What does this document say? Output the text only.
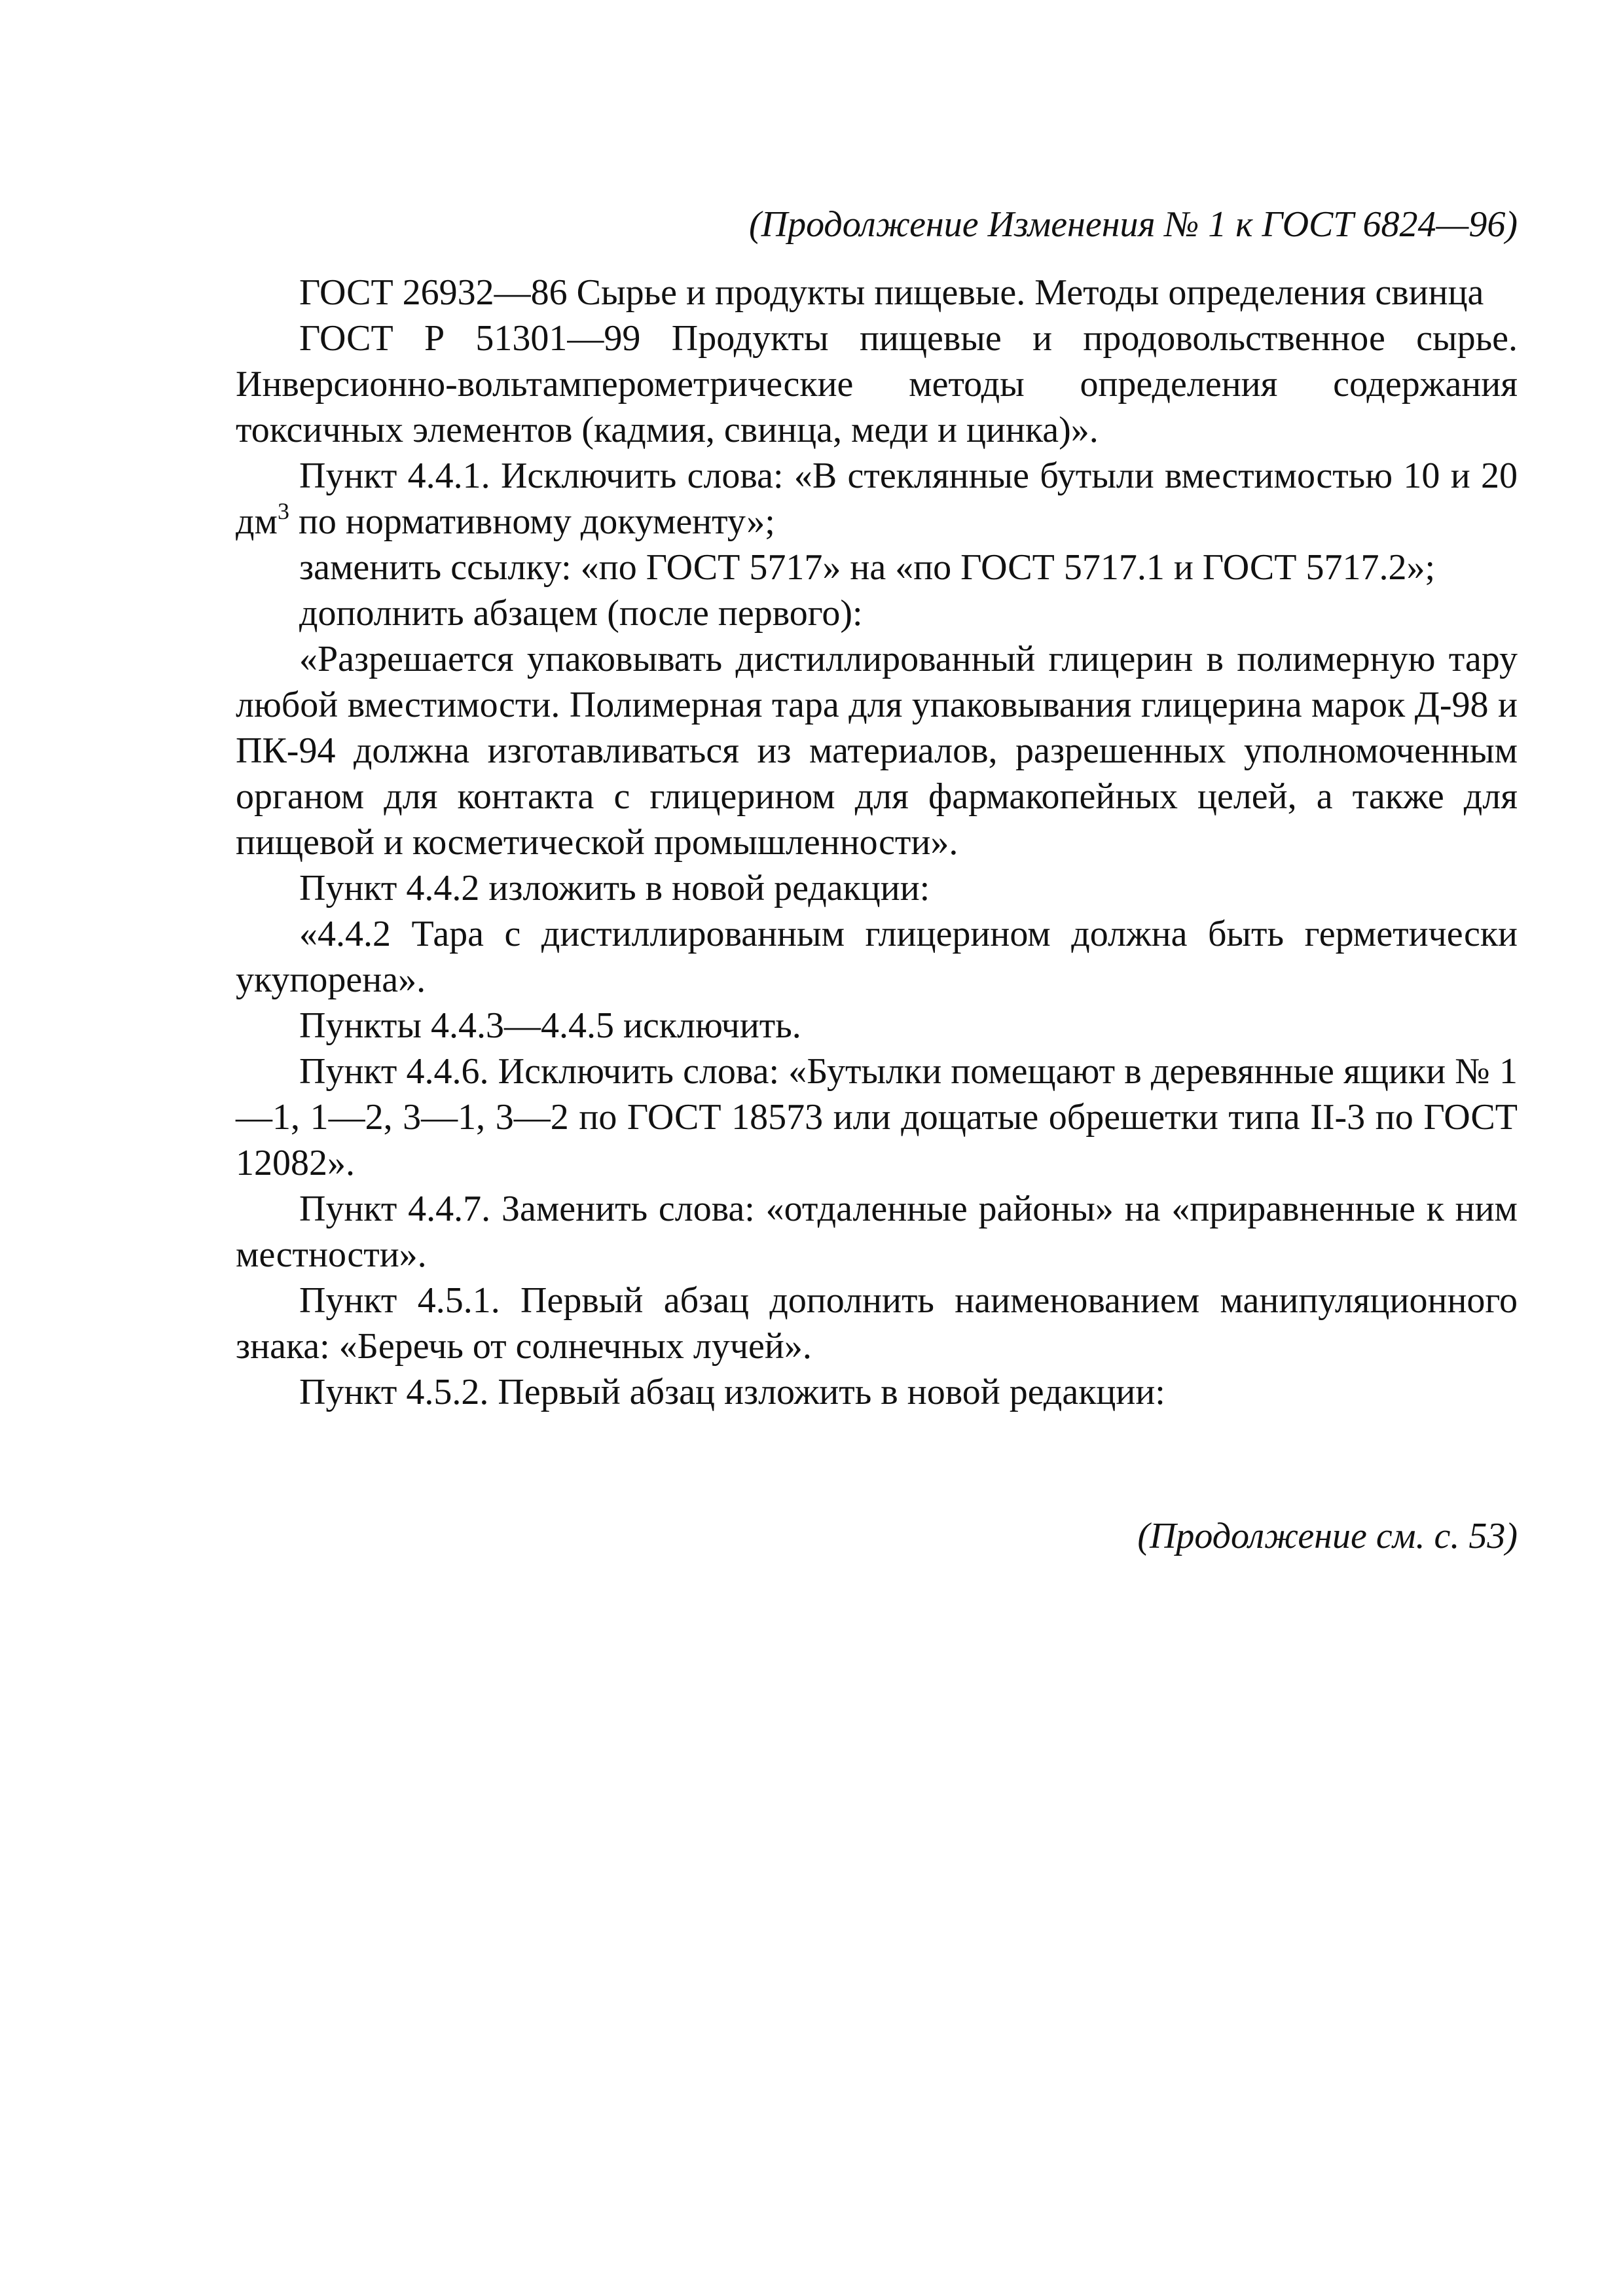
(Продолжение Изменения № 1 к ГОСТ 6824—96)

ГОСТ 26932—86 Сырье и продукты пищевые. Методы определения свинца

ГОСТ Р 51301—99 Продукты пищевые и продовольственное сырье. Инверсионно-вольтамперометрические методы определения содержания токсичных элементов (кадмия, свинца, меди и цинка)».

Пункт 4.4.1. Исключить слова: «В стеклянные бутыли вместимостью 10 и 20 $дм^3$ по нормативному документу»;

заменить ссылку: «по ГОСТ 5717» на «по ГОСТ 5717.1 и ГОСТ 5717.2»;

дополнить абзацем (после первого):

«Разрешается упаковывать дистиллированный глицерин в полимерную тару любой вместимости. Полимерная тара для упаковывания глицерина марок Д-98 и ПК-94 должна изготавливаться из материалов, разрешенных уполномоченным органом для контакта с глицерином для фармакопейных целей, а также для пищевой и косметической промышленности».

Пункт 4.4.2 изложить в новой редакции:

«4.4.2 Тара с дистиллированным глицерином должна быть герметически укупорена».

Пункты 4.4.3—4.4.5 исключить.

Пункт 4.4.6. Исключить слова: «Бутылки помещают в деревянные ящики № 1—1, 1—2, 3—1, 3—2 по ГОСТ 18573 или дощатые обрешетки типа II-3 по ГОСТ 12082».

Пункт 4.4.7. Заменить слова: «отдаленные районы» на «приравненные к ним местности».

Пункт 4.5.1. Первый абзац дополнить наименованием манипуляционного знака: «Беречь от солнечных лучей».

Пункт 4.5.2. Первый абзац изложить в новой редакции:

(Продолжение см. с. 53)
